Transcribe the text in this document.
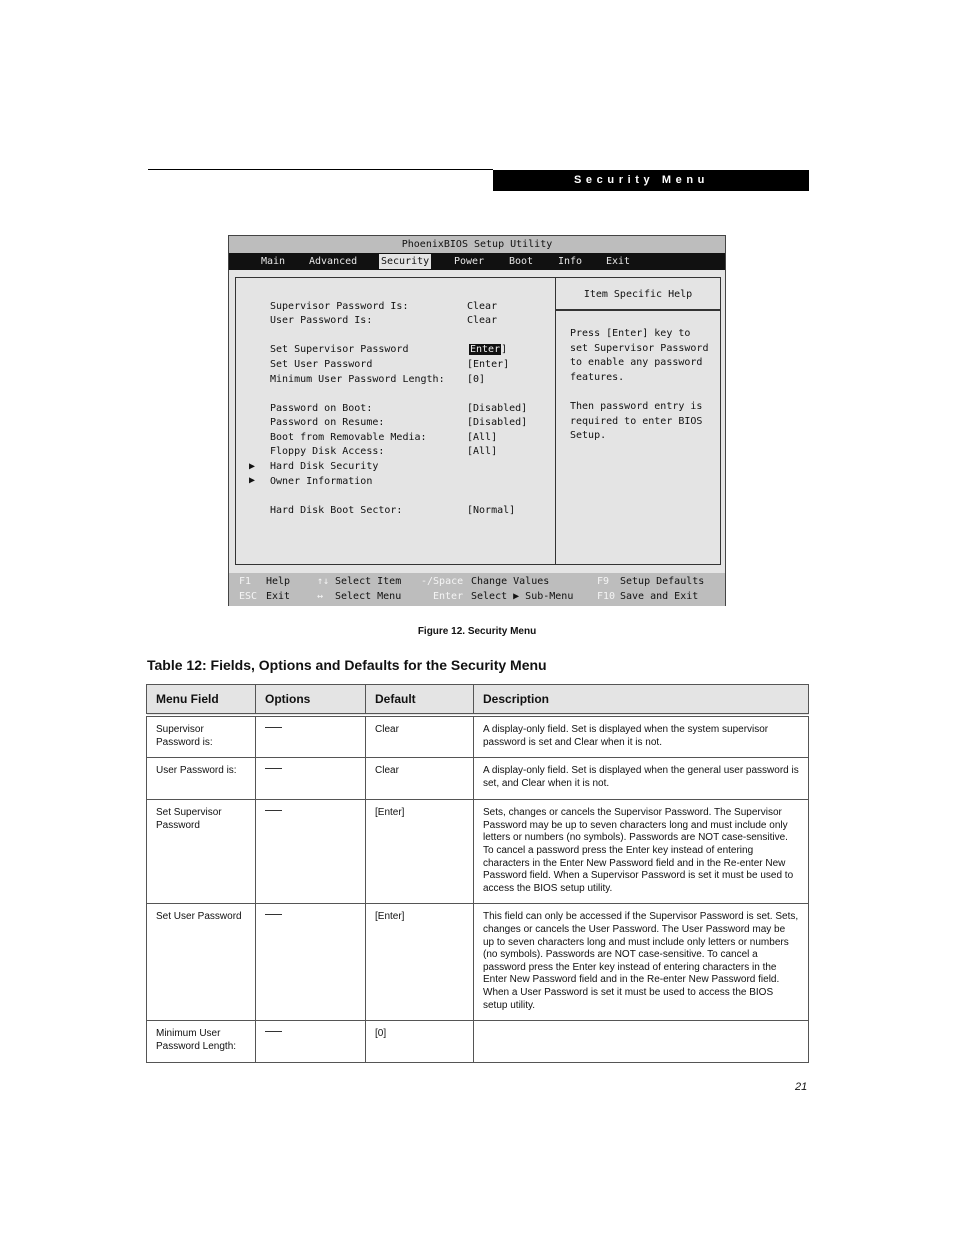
Security Menu
PhoenixBIOS Setup Utility
Main Advanced Security Power Boot Info Exit
Supervisor Password Is:	Clear
User Password Is:	Clear
Set Supervisor Password	Enter]
Set User Password	[Enter]
Minimum User Password Length: [0]
Password on Boot:	[Disabled]
Password on Resume:	[Disabled]
Boot from Removable Media:	[All]
Floppy Disk Access:	[All]
▶ Hard Disk Security
▶ Owner Information
Hard Disk Boot Sector:	[Normal]
Item Specific Help
Press [Enter] key to
set Supervisor Password
to enable any password
features.
Then password entry is
required to enter BIOS
Setup.
F1 Help	↑↓ Select Item -/Space Change Values	F9 Setup Defaults
ESC Exit	↔ Select Menu	Enter Select ▶ Sub-Menu F10 Save and Exit
Figure 12. Security Menu
Table 12: Fields, Options and Defaults for the Security Menu
Menu Field	Options	Default	Description
Supervisor Password is:		Clear	A display-only field. Set is displayed when the system supervisor password is set and Clear when it is not.
User Password is:		Clear	A display-only field. Set is displayed when the general user password is set, and Clear when it is not.
Set Supervisor Password		[Enter]	Sets, changes or cancels the Supervisor Password. The Supervisor Password may be up to seven characters long and must include only letters or numbers (no symbols). Passwords are NOT case-sensitive. To cancel a password press the Enter key instead of entering characters in the Enter New Password field and in the Re-enter New Password field. When a Supervisor Password is set it must be used to access the BIOS setup utility.
Set User Password		[Enter]	This field can only be accessed if the Supervisor Password is set. Sets, changes or cancels the User Password. The User Password may be up to seven characters long and must include only letters or numbers (no symbols). Passwords are NOT case-sensitive. To cancel a password press the Enter key instead of entering characters in the Enter New Password field and in the Re-enter New Password field. When a User Password is set it must be used to access the BIOS setup utility.
Minimum User Password Length:		[0]	
21
